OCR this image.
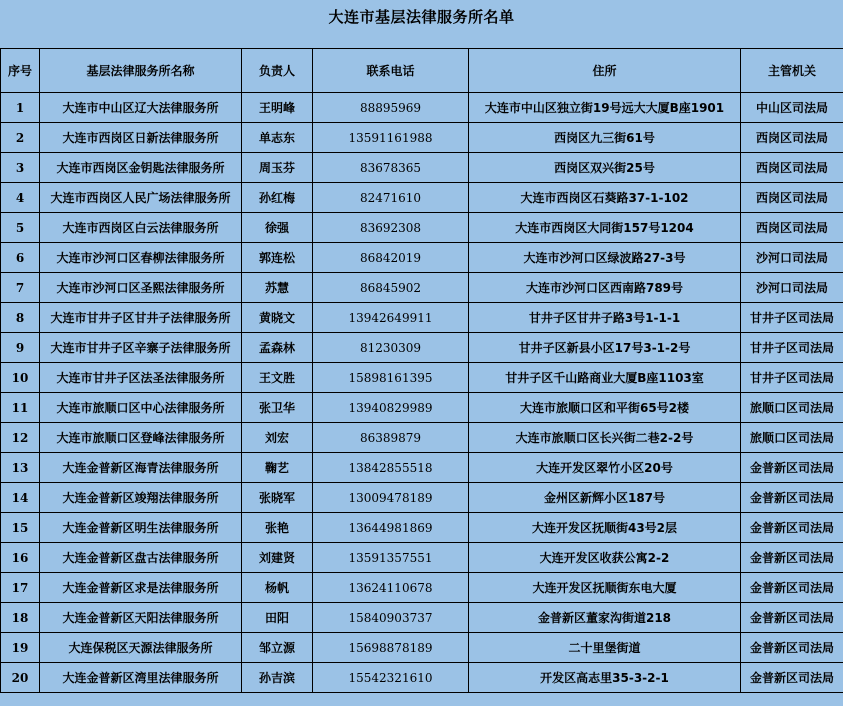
大连市基层法律服务所名单
序号	基层法律服务所名称	负责人	联系电话	住所	主管机关
1	大连市中山区辽大法律服务所	王明峰	88895969	大连市中山区独立街19号远大大厦B座1901	中山区司法局
2	大连市西岗区日新法律服务所	单志东	13591161988	西岗区九三街61号	西岗区司法局
3	大连市西岗区金钥匙法律服务所	周玉芬	83678365	西岗区双兴街25号	西岗区司法局
4	大连市西岗区人民广场法律服务所	孙红梅	82471610	大连市西岗区石葵路37-1-102	西岗区司法局
5	大连市西岗区白云法律服务所	徐强	83692308	大连市西岗区大同街157号1204	西岗区司法局
6	大连市沙河口区春柳法律服务所	郭连松	86842019	大连市沙河口区绿波路27-3号	沙河口司法局
7	大连市沙河口区圣熙法律服务所	苏慧	86845902	大连市沙河口区西南路789号	沙河口司法局
8	大连市甘井子区甘井子法律服务所	黄晓文	13942649911	甘井子区甘井子路3号1-1-1	甘井子区司法局
9	大连市甘井子区辛寨子法律服务所	孟森林	81230309	甘井子区新县小区17号3-1-2号	甘井子区司法局
10	大连市甘井子区法圣法律服务所	王文胜	15898161395	甘井子区千山路商业大厦B座1103室	甘井子区司法局
11	大连市旅顺口区中心法律服务所	张卫华	13940829989	大连市旅顺口区和平街65号2楼	旅顺口区司法局
12	大连市旅顺口区登峰法律服务所	刘宏	86389879	大连市旅顺口区长兴街二巷2-2号	旅顺口区司法局
13	大连金普新区海青法律服务所	鞠艺	13842855518	大连开发区翠竹小区20号	金普新区司法局
14	大连金普新区竣翔法律服务所	张晓军	13009478189	金州区新辉小区187号	金普新区司法局
15	大连金普新区明生法律服务所	张艳	13644981869	大连开发区抚顺街43号2层	金普新区司法局
16	大连金普新区盘古法律服务所	刘建贤	13591357551	大连开发区收获公寓2-2	金普新区司法局
17	大连金普新区求是法律服务所	杨帆	13624110678	大连开发区抚顺街东电大厦	金普新区司法局
18	大连金普新区天阳法律服务所	田阳	15840903737	金普新区董家沟街道218	金普新区司法局
19	大连保税区天源法律服务所	邹立源	15698878189	二十里堡街道	金普新区司法局
20	大连金普新区湾里法律服务所	孙吉滨	15542321610	开发区高志里35-3-2-1	金普新区司法局
